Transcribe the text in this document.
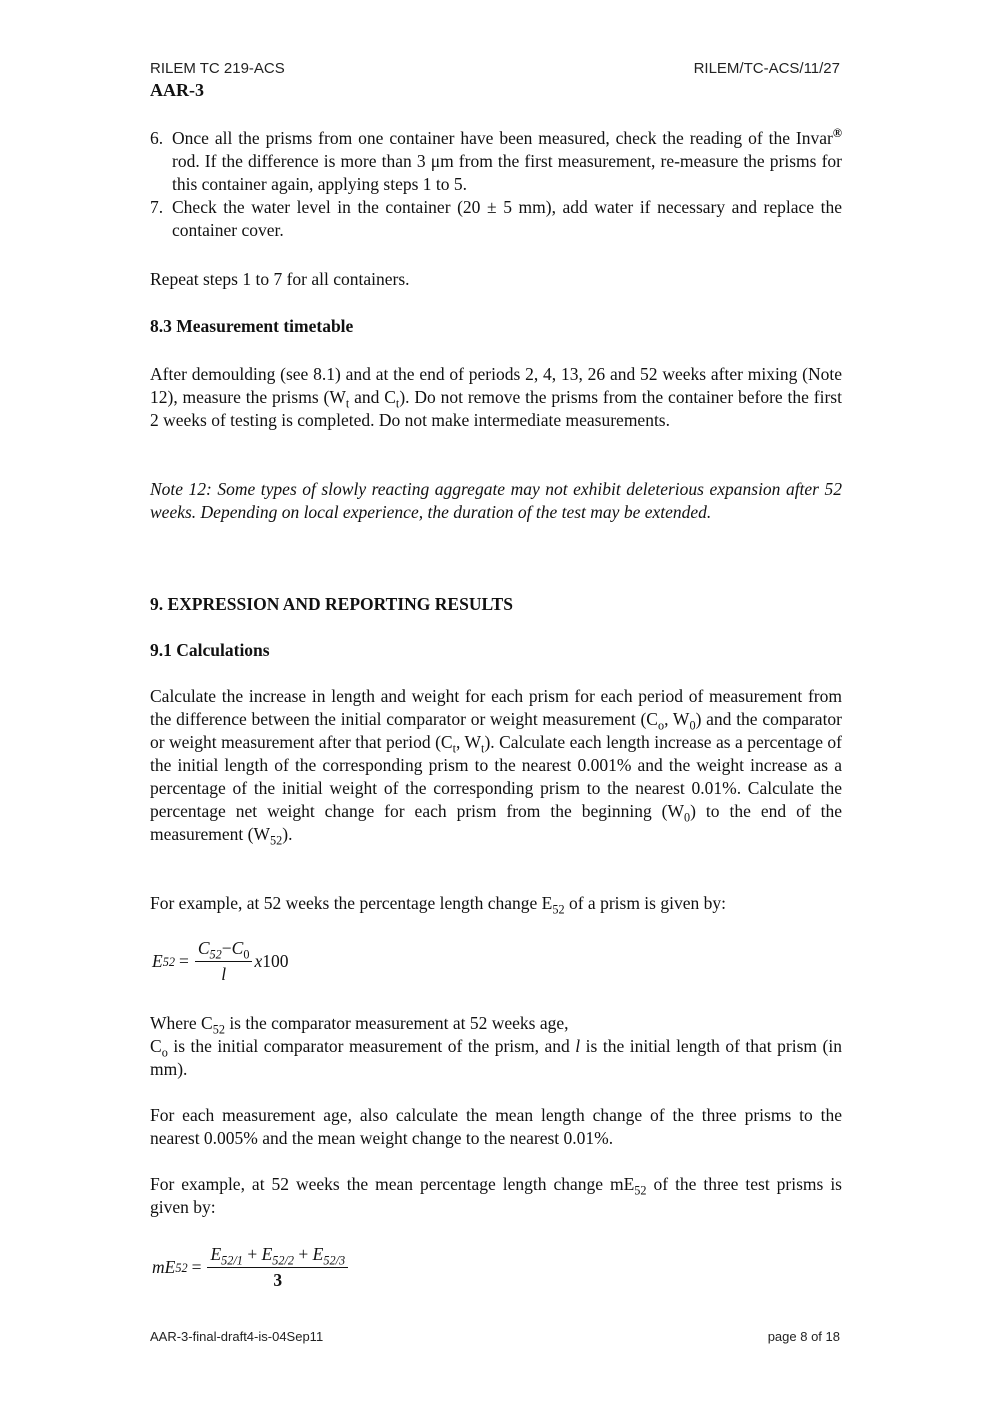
RILEM TC 219-ACS	RILEM/TC-ACS/11/27
AAR-3
6. Once all the prisms from one container have been measured, check the reading of the Invar® rod. If the difference is more than 3 μm from the first measurement, re-measure the prisms for this container again, applying steps 1 to 5.
7. Check the water level in the container (20 ± 5 mm), add water if necessary and replace the container cover.
Repeat steps 1 to 7 for all containers.
8.3 Measurement timetable

After demoulding (see 8.1) and at the end of periods 2, 4, 13, 26 and 52 weeks after mixing (Note 12), measure the prisms ($W_t$ and $C_t$). Do not remove the prisms from the container before the first 2 weeks of testing is completed. Do not make intermediate measurements.

Note 12: Some types of slowly reacting aggregate may not exhibit deleterious expansion after 52 weeks. Depending on local experience, the duration of the test may be extended.

9. EXPRESSION AND REPORTING RESULTS
9.1 Calculations

Calculate the increase in length and weight for each prism for each period of measurement from the difference between the initial comparator or weight measurement ($C_o$, $W_0$) and the comparator or weight measurement after that period ($C_t$, $W_t$). Calculate each length increase as a percentage of the initial length of the corresponding prism to the nearest 0.001% and the weight increase as a percentage of the initial weight of the corresponding prism to the nearest 0.01%. Calculate the percentage net weight change for each prism from the beginning $(W_0)$ to the end of the measurement $(W_{52})$.

For example, at 52 weeks the percentage length change $E_{52}$ of a prism is given by:

E $52 = \frac{C_{52}-C_0}{l}$ x 100

Where $C_{52}$ is the comparator measurement at 52 weeks age,
$C_o$ is the initial comparator measurement of the prism, and l is the initial length of that prism (in mm).

For each measurement age, also calculate the mean length change of the three prisms to the nearest 0.005% and the mean weight change to the nearest 0.01%.

For example, at 52 weeks the mean percentage length change $mE_{52}$ of the three test prisms is given by:

mE $52 = \frac{E_{52/1} + E_{52/2} + E_{52/3}}{3}$
AAR-3-final-draft4-is-04Sep11	page 8 of 18
